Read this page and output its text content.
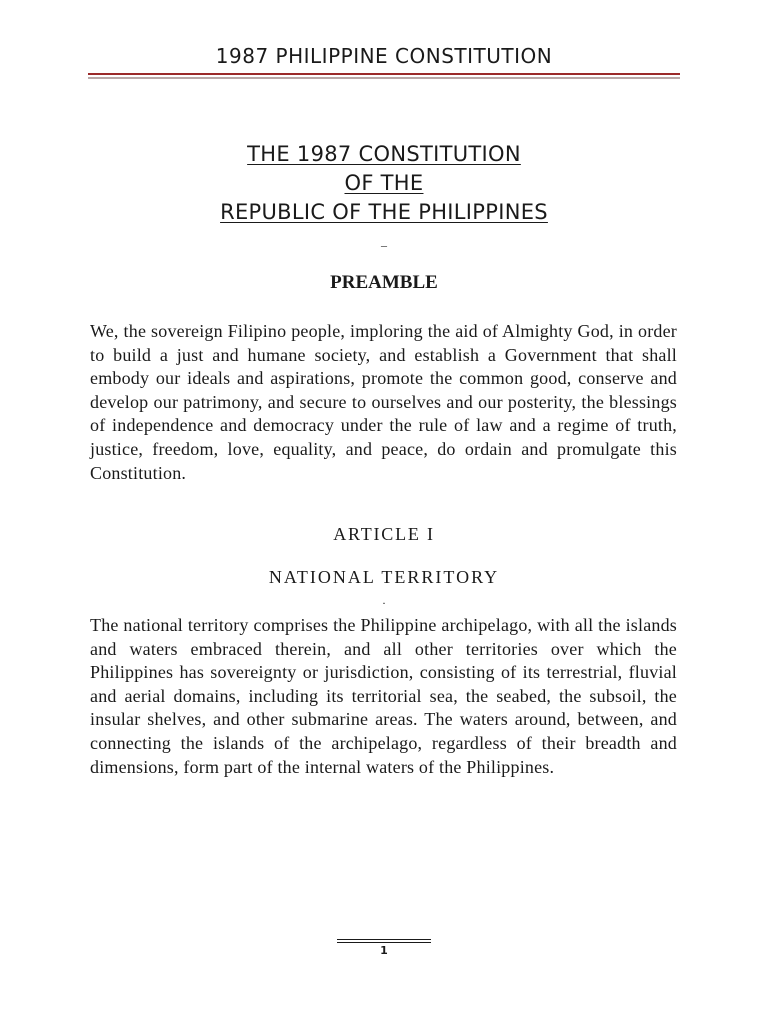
1987 PHILIPPINE CONSTITUTION
THE 1987 CONSTITUTION
OF THE
REPUBLIC OF THE PHILIPPINES
–
PREAMBLE

We, the sovereign Filipino people, imploring the aid of Almighty God, in order to build a just and humane society, and establish a Government that shall embody our ideals and aspirations, promote the common good, conserve and develop our patrimony, and secure to ourselves and our posterity, the blessings of independence and democracy under the rule of law and a regime of truth, justice, freedom, love, equality, and peace, do ordain and promulgate this Constitution.

ARTICLE I
NATIONAL TERRITORY
.

The national territory comprises the Philippine archipelago, with all the islands and waters embraced therein, and all other territories over which the Philippines has sovereignty or jurisdiction, consisting of its terrestrial, fluvial and aerial domains, including its territorial sea, the seabed, the subsoil, the insular shelves, and other submarine areas. The waters around, between, and connecting the islands of the archipelago, regardless of their breadth and dimensions, form part of the internal waters of the Philippines.

1
